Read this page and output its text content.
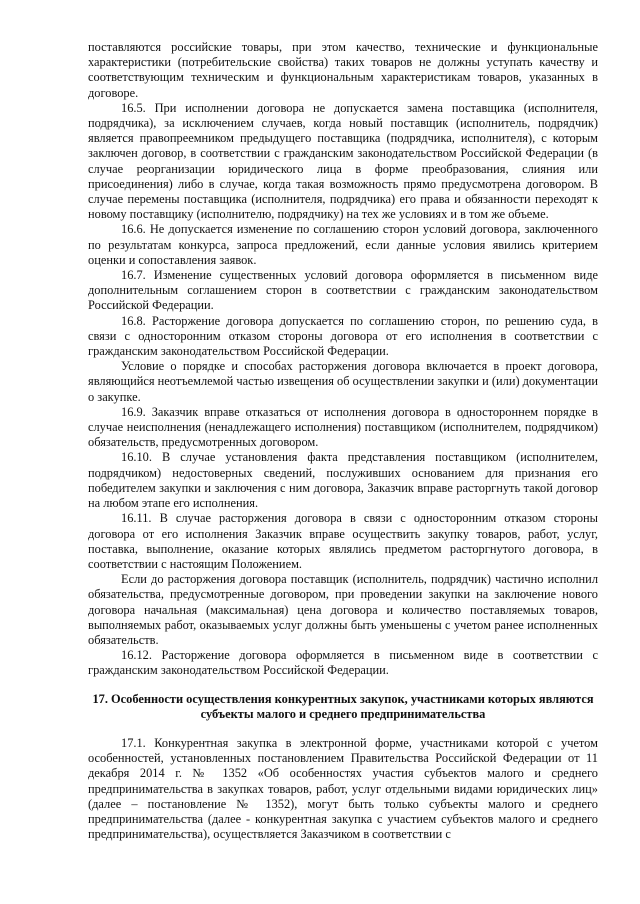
поставляются российские товары, при этом качество, технические и функциональные характеристики (потребительские свойства) таких товаров не должны уступать качеству и соответствующим техническим и функциональным характеристикам товаров, указанных в договоре.

16.5. При исполнении договора не допускается замена поставщика (исполнителя, подрядчика), за исключением случаев, когда новый поставщик (исполнитель, подрядчик) является правопреемником предыдущего поставщика (подрядчика, исполнителя), с которым заключен договор, в соответствии с гражданским законодательством Российской Федерации (в случае реорганизации юридического лица в форме преобразования, слияния или присоединения) либо в случае, когда такая возможность прямо предусмотрена договором. В случае перемены поставщика (исполнителя, подрядчика) его права и обязанности переходят к новому поставщику (исполнителю, подрядчику) на тех же условиях и в том же объеме.

16.6. Не допускается изменение по соглашению сторон условий договора, заключенного по результатам конкурса, запроса предложений, если данные условия явились критерием оценки и сопоставления заявок.

16.7. Изменение существенных условий договора оформляется в письменном виде дополнительным соглашением сторон в соответствии с гражданским законодательством Российской Федерации.

16.8. Расторжение договора допускается по соглашению сторон, по решению суда, в связи с односторонним отказом стороны договора от его исполнения в соответствии с гражданским законодательством Российской Федерации.

Условие о порядке и способах расторжения договора включается в проект договора, являющийся неотъемлемой частью извещения об осуществлении закупки и (или) документации о закупке.

16.9. Заказчик вправе отказаться от исполнения договора в одностороннем порядке в случае неисполнения (ненадлежащего исполнения) поставщиком (исполнителем, подрядчиком) обязательств, предусмотренных договором.

16.10. В случае установления факта представления поставщиком (исполнителем, подрядчиком) недостоверных сведений, послуживших основанием для признания его победителем закупки и заключения с ним договора, Заказчик вправе расторгнуть такой договор на любом этапе его исполнения.

16.11. В случае расторжения договора в связи с односторонним отказом стороны договора от его исполнения Заказчик вправе осуществить закупку товаров, работ, услуг, поставка, выполнение, оказание которых являлись предметом расторгнутого договора, в соответствии с настоящим Положением.

Если до расторжения договора поставщик (исполнитель, подрядчик) частично исполнил обязательства, предусмотренные договором, при проведении закупки на заключение нового договора начальная (максимальная) цена договора и количество поставляемых товаров, выполняемых работ, оказываемых услуг должны быть уменьшены с учетом ранее исполненных обязательств.

16.12. Расторжение договора оформляется в письменном виде в соответствии с гражданским законодательством Российской Федерации.

17. Особенности осуществления конкурентных закупок, участниками которых являются субъекты малого и среднего предпринимательства

17.1. Конкурентная закупка в электронной форме, участниками которой с учетом особенностей, установленных постановлением Правительства Российской Федерации от 11 декабря 2014 г. № 1352 «Об особенностях участия субъектов малого и среднего предпринимательства в закупках товаров, работ, услуг отдельными видами юридических лиц» (далее – постановление № 1352), могут быть только субъекты малого и среднего предпринимательства (далее - конкурентная закупка с участием субъектов малого и среднего предпринимательства), осуществляется Заказчиком в соответствии с
